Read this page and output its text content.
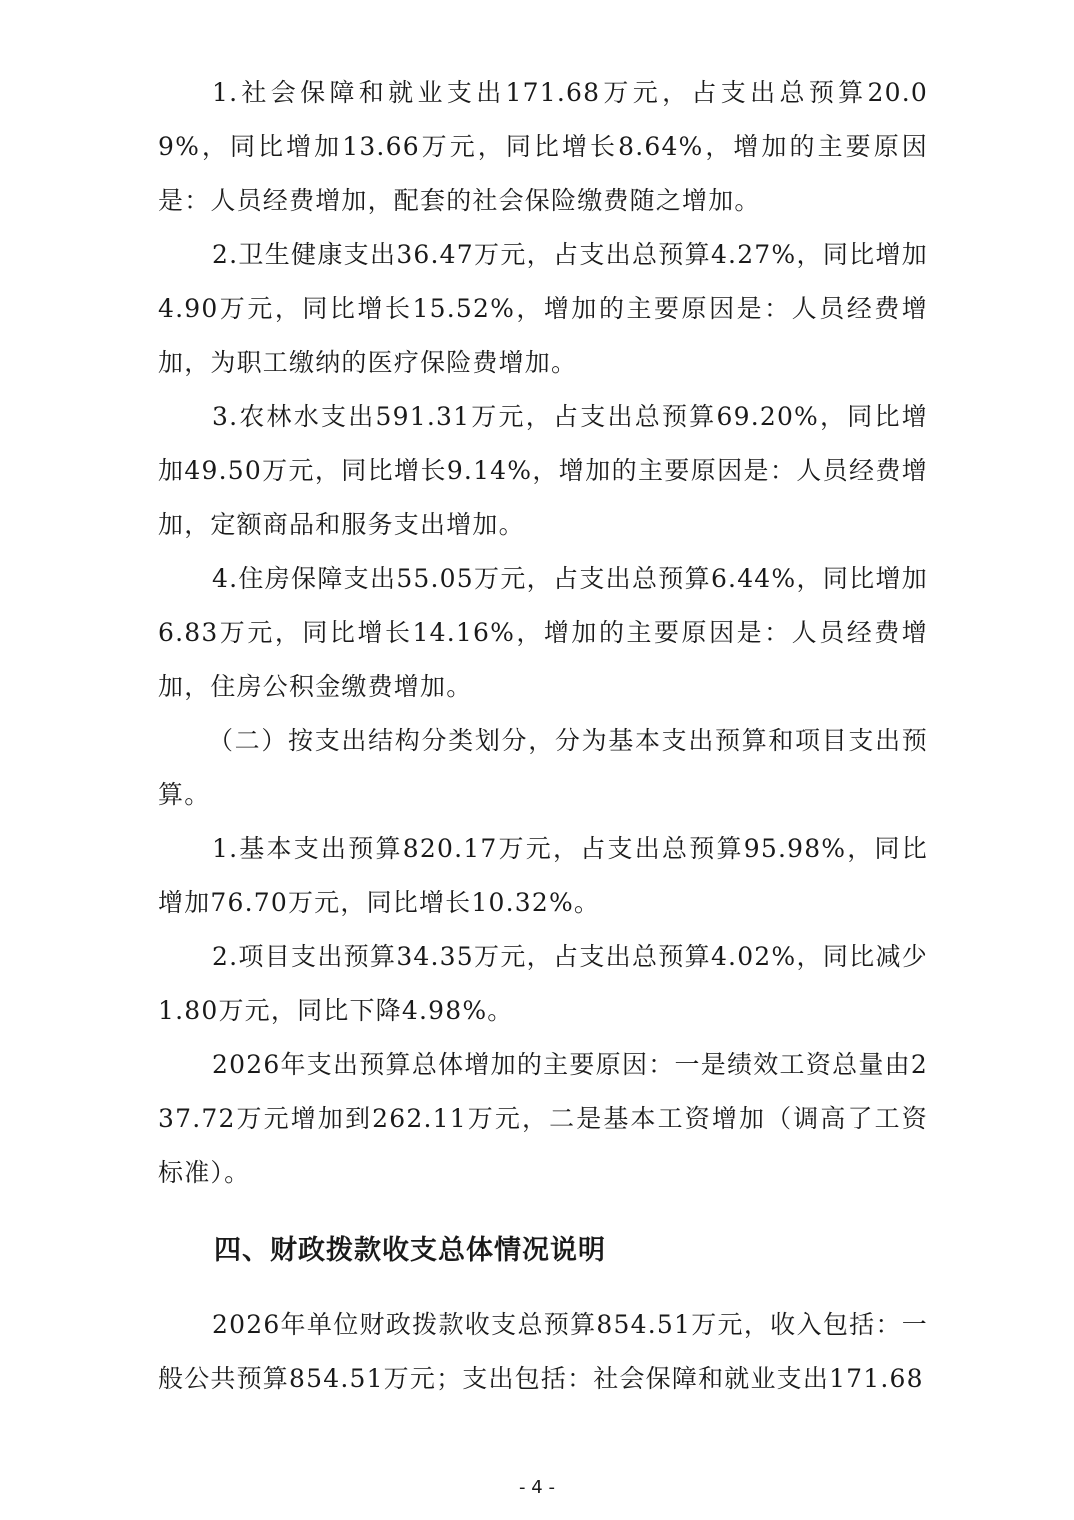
1.社会保障和就业支出171.68万元，占支出总预算20.09%，同比增加13.66万元，同比增长8.64%，增加的主要原因是：人员经费增加，配套的社会保险缴费随之增加。

2.卫生健康支出36.47万元，占支出总预算4.27%，同比增加4.90万元，同比增长15.52%，增加的主要原因是：人员经费增加，为职工缴纳的医疗保险费增加。

3.农林水支出591.31万元，占支出总预算69.20%，同比增加49.50万元，同比增长9.14%，增加的主要原因是：人员经费增加，定额商品和服务支出增加。

4.住房保障支出55.05万元，占支出总预算6.44%，同比增加6.83万元，同比增长14.16%，增加的主要原因是：人员经费增加，住房公积金缴费增加。

（二）按支出结构分类划分，分为基本支出预算和项目支出预算。

1.基本支出预算820.17万元，占支出总预算95.98%，同比增加76.70万元，同比增长10.32%。

2.项目支出预算34.35万元，占支出总预算4.02%，同比减少1.80万元，同比下降4.98%。

2026年支出预算总体增加的主要原因：一是绩效工资总量由237.72万元增加到262.11万元，二是基本工资增加（调高了工资标准）。

四、财政拨款收支总体情况说明

2026年单位财政拨款收支总预算854.51万元，收入包括：一般公共预算854.51万元；支出包括：社会保障和就业支出171.68

- 4 -
